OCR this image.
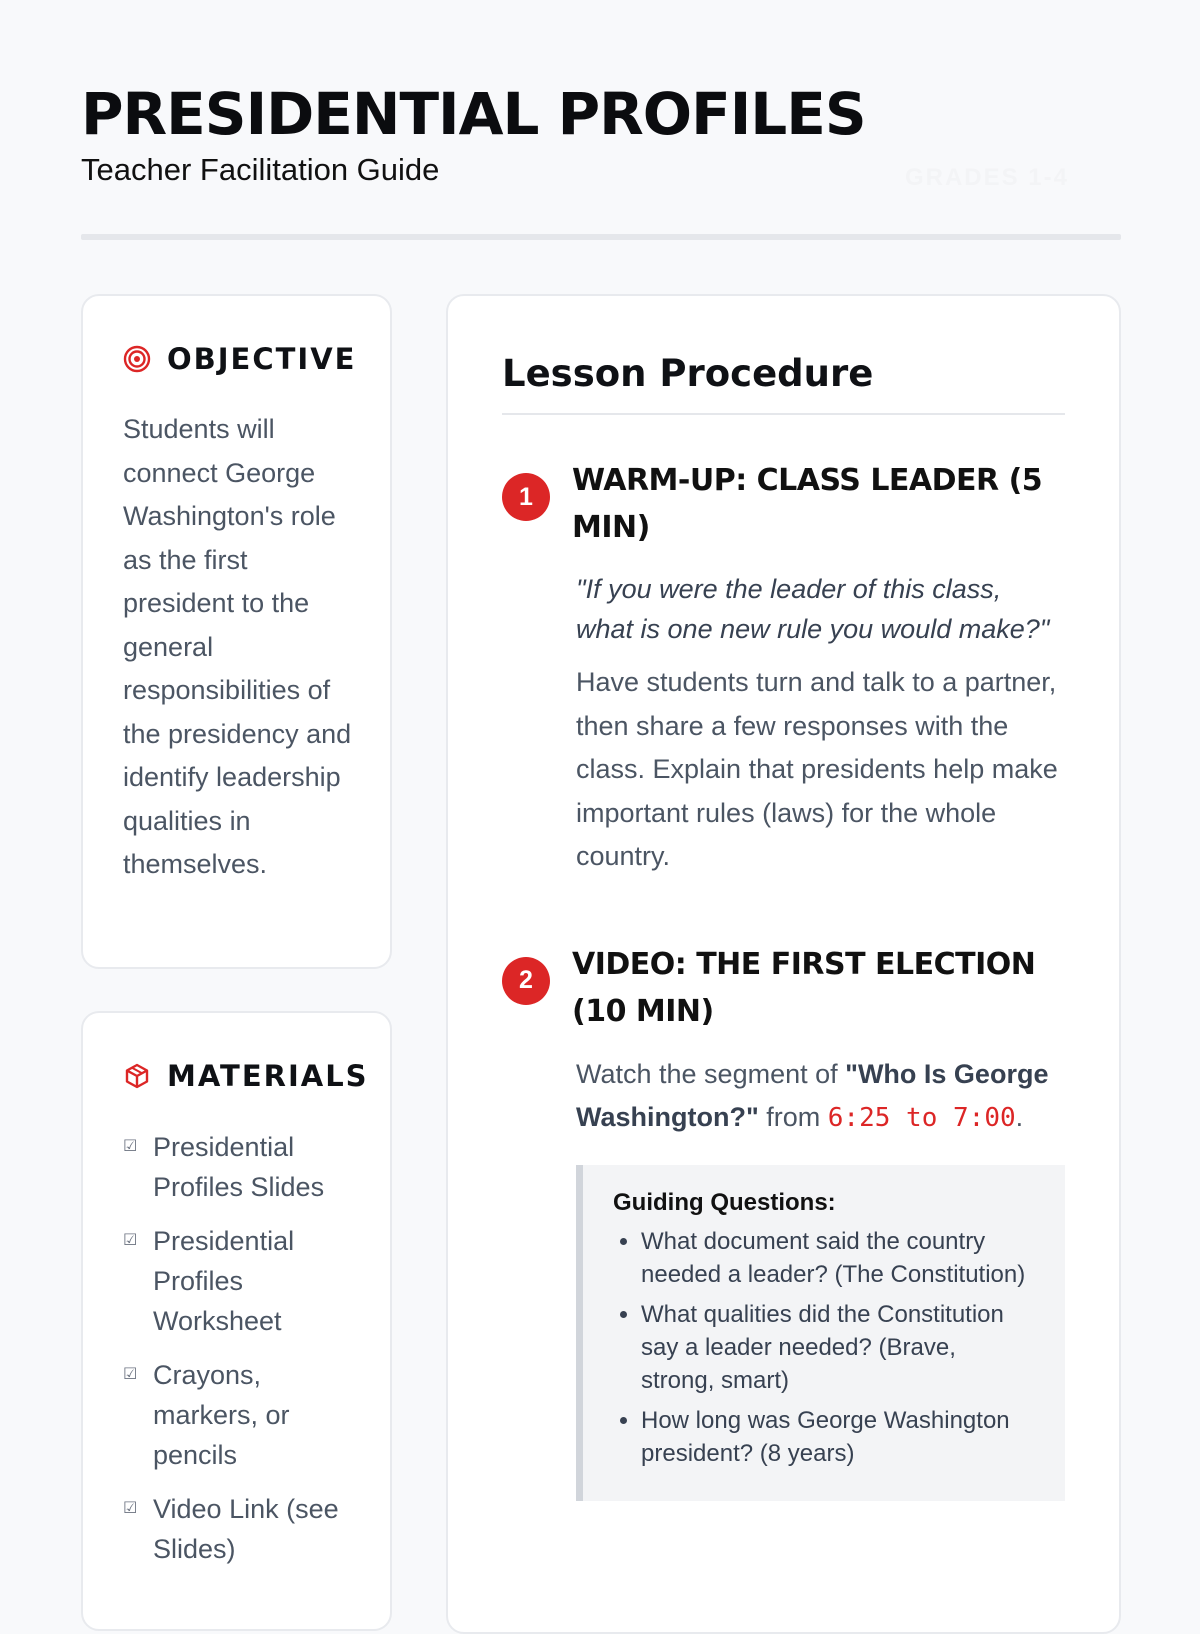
PRESIDENTIAL PROFILES
Teacher Facilitation Guide	GRADES 1-4
OBJECTIVE
Students will connect George Washington's role as the first president to the general responsibilities of the presidency and identify leadership qualities in themselves.
MATERIALS
☑ Presidential Profiles Slides
☑ Presidential Profiles Worksheet
☑ Crayons, markers, or pencils
☑ Video Link (see Slides)
Lesson Procedure
1	WARM-UP: CLASS LEADER (5 MIN)
"If you were the leader of this class, what is one new rule you would make?"
Have students turn and talk to a partner, then share a few responses with the class. Explain that presidents help make important rules (laws) for the whole country.
2	VIDEO: THE FIRST ELECTION (10 MIN)
Watch the segment of "Who Is George Washington?" from 6:25 to 7:00.
Guiding Questions:
• What document said the country needed a leader? (The Constitution)
• What qualities did the Constitution say a leader needed? (Brave, strong, smart)
• How long was George Washington president? (8 years)
